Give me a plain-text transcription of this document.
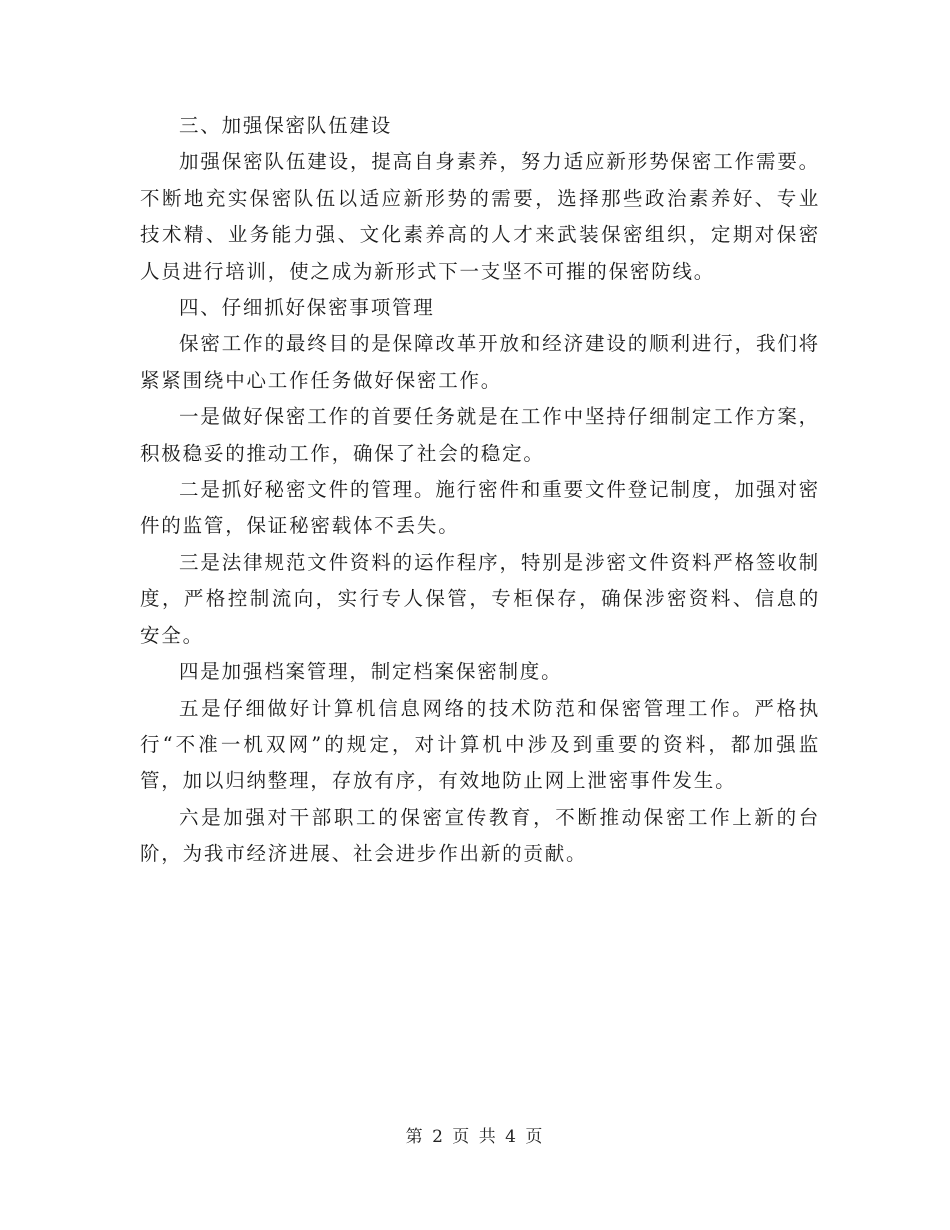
三、加强保密队伍建设

加强保密队伍建设，提高自身素养，努力适应新形势保密工作需要。不断地充实保密队伍以适应新形势的需要，选择那些政治素养好、专业技术精、业务能力强、文化素养高的人才来武装保密组织，定期对保密人员进行培训，使之成为新形式下一支坚不可摧的保密防线。

四、仔细抓好保密事项管理

保密工作的最终目的是保障改革开放和经济建设的顺利进行，我们将紧紧围绕中心工作任务做好保密工作。

一是做好保密工作的首要任务就是在工作中坚持仔细制定工作方案，积极稳妥的推动工作，确保了社会的稳定。

二是抓好秘密文件的管理。施行密件和重要文件登记制度，加强对密件的监管，保证秘密载体不丢失。

三是法律规范文件资料的运作程序，特别是涉密文件资料严格签收制度，严格控制流向，实行专人保管，专柜保存，确保涉密资料、信息的安全。

四是加强档案管理，制定档案保密制度。

五是仔细做好计算机信息网络的技术防范和保密管理工作。严格执行“不准一机双网”的规定，对计算机中涉及到重要的资料，都加强监管，加以归纳整理，存放有序，有效地防止网上泄密事件发生。

六是加强对干部职工的保密宣传教育，不断推动保密工作上新的台阶，为我市经济进展、社会进步作出新的贡献。

第 2 页 共 4 页
